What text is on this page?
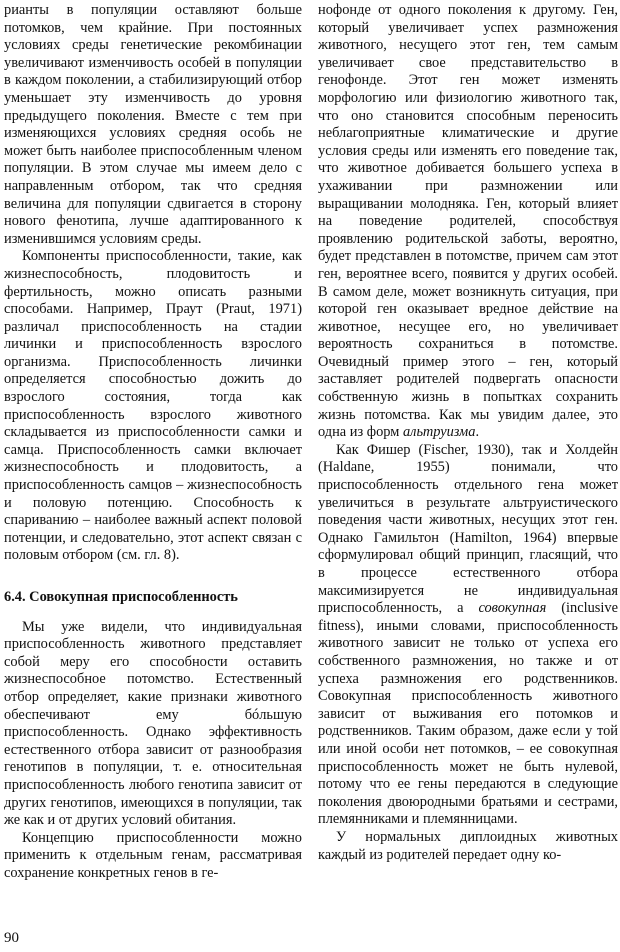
рианты в популяции оставляют больше потомков, чем крайние. При постоянных условиях среды генетические рекомбинации увеличивают изменчивость особей в популяции в каждом поколении, а стабилизирующий отбор уменьшает эту изменчивость до уровня предыдущего поколения. Вместе с тем при изменяющихся условиях средняя особь не может быть наиболее приспособленным членом популяции. В этом случае мы имеем дело с направленным отбором, так что средняя величина для популяции сдвигается в сторону нового фенотипа, лучше адаптированного к изменившимся условиям среды.

Компоненты приспособленности, такие, как жизнеспособность, плодовитость и фертильность, можно описать разными способами. Например, Праут (Praut, 1971) различал приспособленность на стадии личинки и приспособленность взрослого организма. Приспособленность личинки определяется способностью дожить до взрослого состояния, тогда как приспособленность взрослого животного складывается из приспособленности самки и самца. Приспособленность самки включает жизнеспособность и плодовитость, а приспособленность самцов – жизнеспособность и половую потенцию. Способность к спариванию – наиболее важный аспект половой потенции, и следовательно, этот аспект связан с половым отбором (см. гл. 8).

6.4. Совокупная приспособленность

Мы уже видели, что индивидуальная приспособленность животного представляет собой меру его способности оставить жизнеспособное потомство. Естественный отбор определяет, какие признаки животного обеспечивают ему бóльшую приспособленность. Однако эффективность естественного отбора зависит от разнообразия генотипов в популяции, т. е. относительная приспособленность любого генотипа зависит от других генотипов, имеющихся в популяции, так же как и от других условий обитания.

Концепцию приспособленности можно применить к отдельным генам, рассматривая сохранение конкретных генов в ге-

нофонде от одного поколения к другому. Ген, который увеличивает успех размножения животного, несущего этот ген, тем самым увеличивает свое представительство в генофонде. Этот ген может изменять морфологию или физиологию животного так, что оно становится способным переносить неблагоприятные климатические и другие условия среды или изменять его поведение так, что животное добивается большего успеха в ухаживании при размножении или выращивании молодняка. Ген, который влияет на поведение родителей, способствуя проявлению родительской заботы, вероятно, будет представлен в потомстве, причем сам этот ген, вероятнее всего, появится у других особей. В самом деле, может возникнуть ситуация, при которой ген оказывает вредное действие на животное, несущее его, но увеличивает вероятность сохраниться в потомстве. Очевидный пример этого – ген, который заставляет родителей подвергать опасности собственную жизнь в попытках сохранить жизнь потомства. Как мы увидим далее, это одна из форм альтруизма.

Как Фишер (Fischer, 1930), так и Холдейн (Haldane, 1955) понимали, что приспособленность отдельного гена может увеличиться в результате альтруистического поведения части животных, несущих этот ген. Однако Гамильтон (Hamilton, 1964) впервые сформулировал общий принцип, гласящий, что в процессе естественного отбора максимизируется не индивидуальная приспособленность, а совокупная (inclusive fitness), иными словами, приспособленность животного зависит не только от успеха его собственного размножения, но также и от успеха размножения его родственников. Совокупная приспособленность животного зависит от выживания его потомков и родственников. Таким образом, даже если у той или иной особи нет потомков, – ее совокупная приспособленность может не быть нулевой, потому что ее гены передаются в следующие поколения двоюродными братьями и сестрами, племянниками и племянницами.

У нормальных диплоидных животных каждый из родителей передает одну ко-

90
